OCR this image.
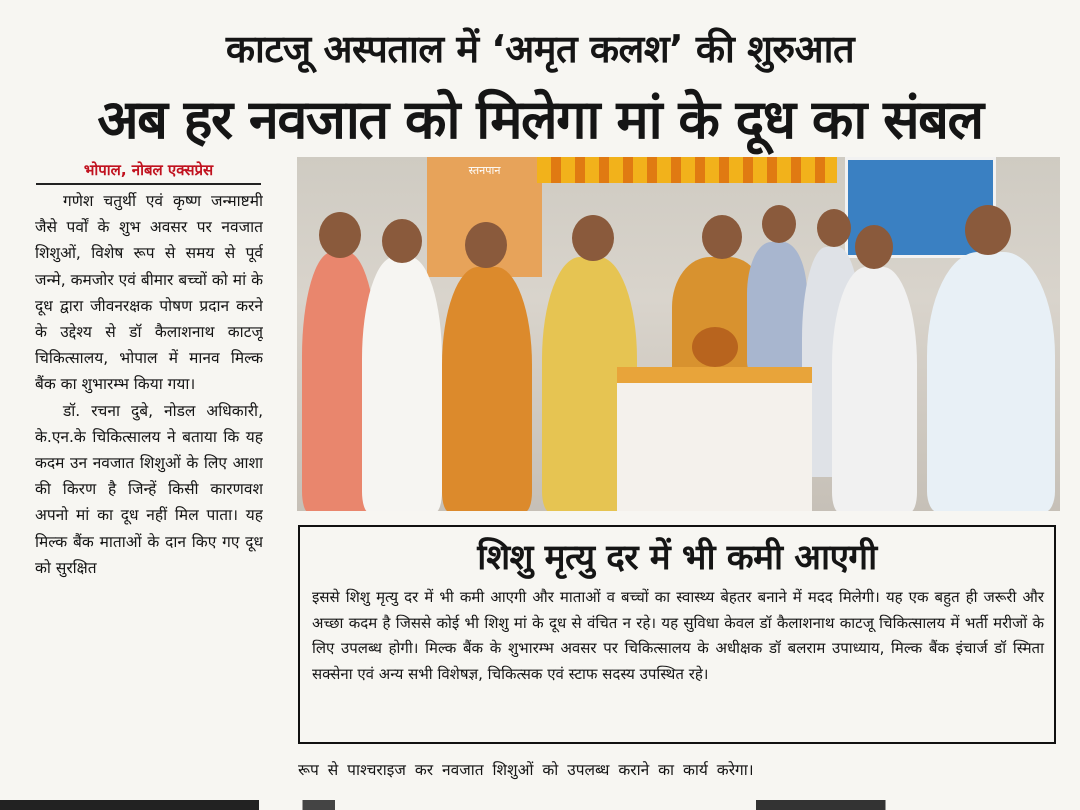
काटजू अस्पताल में ‘अमृत कलश’ की शुरुआत
अब हर नवजात को मिलेगा मां के दूध का संबल
भोपाल, नोबल एक्सप्रेस

गणेश चतुर्थी एवं कृष्ण जन्माष्टमी जैसे पर्वों के शुभ अवसर पर नवजात शिशुओं, विशेष रूप से समय से पूर्व जन्मे, कमजोर एवं बीमार बच्चों को मां के दूध द्वारा जीवनरक्षक पोषण प्रदान करने के उद्देश्य से डॉ कैलाशनाथ काटजू चिकित्सालय, भोपाल में मानव मिल्क बैंक का शुभारम्भ किया गया।

डॉ. रचना दुबे, नोडल अधिकारी, के.एन.के चिकित्सालय ने बताया कि यह कदम उन नवजात शिशुओं के लिए आशा की किरण है जिन्हें किसी कारणवश अपनो मां का दूध नहीं मिल पाता। यह मिल्क बैंक माताओं के दान किए गए दूध को सुरक्षित

स्तनपान
शिशु मृत्यु दर में भी कमी आएगी
इससे शिशु मृत्यु दर में भी कमी आएगी और माताओं व बच्चों का स्वास्थ्य बेहतर बनाने में मदद मिलेगी। यह एक बहुत ही जरूरी और अच्छा कदम है जिससे कोई भी शिशु मां के दूध से वंचित न रहे। यह सुविधा केवल डॉ कैलाशनाथ काटजू चिकित्सालय में भर्ती मरीजों के लिए उपलब्ध होगी। मिल्क बैंक के शुभारम्भ अवसर पर चिकित्सालय के अधीक्षक डॉ बलराम उपाध्याय, मिल्क बैंक इंचार्ज डॉ स्मिता सक्सेना एवं अन्य सभी विशेषज्ञ, चिकित्सक एवं स्टाफ सदस्य उपस्थित रहे।
रूप से पाश्चराइज कर नवजात शिशुओं को उपलब्ध कराने का कार्य करेगा।
